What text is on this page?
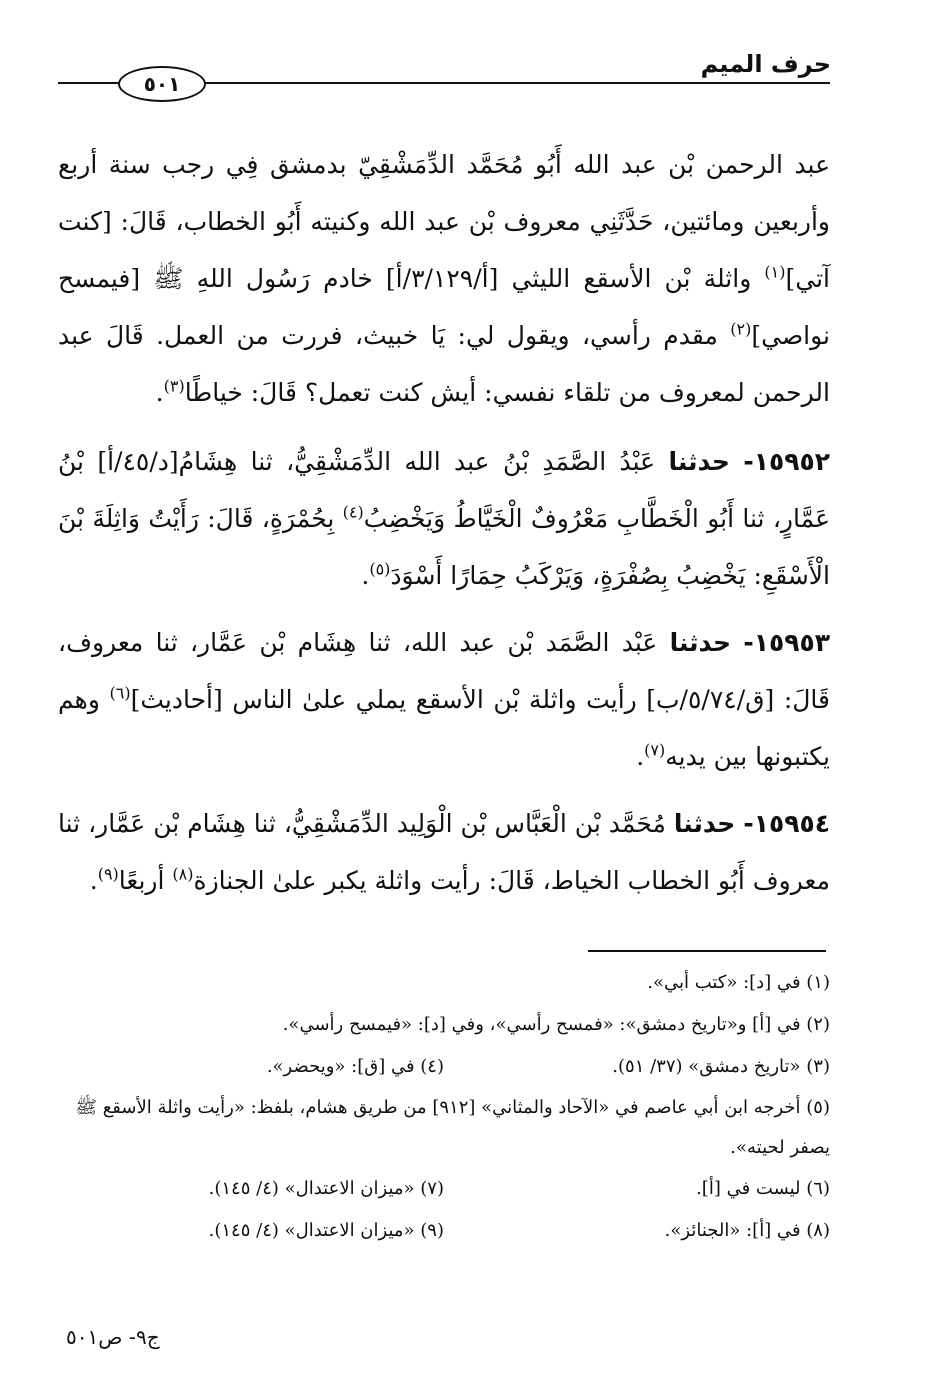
حرف الميم
٥٠١

عبد الرحمن بْن عبد الله أَبُو مُحَمَّد الدِّمَشْقِيّ بدمشق فِي رجب سنة أربع وأربعين ومائتين، حَدَّثَنِي معروف بْن عبد الله وكنيته أَبُو الخطاب، قَالَ: [كنت آتي]$^{(١)}$ واثلة بْن الأسقع الليثي [أ/٣/١٢٩/أ] خادم رَسُول اللهِ ﷺ [فيمسح نواصي]$^{(٢)}$ مقدم رأسي، ويقول لي: يَا خبيث، فررت من العمل. قَالَ عبد الرحمن لمعروف من تلقاء نفسي: أيش كنت تعمل؟ قَالَ: خياطًا$^{(٣)}$.

١٥٩٥٢- حدثنا عَبْدُ الصَّمَدِ بْنُ عبد الله الدِّمَشْقِيُّ، ثنا هِشَامُ[د/٤٥/أ] بْنُ عَمَّارٍ، ثنا أَبُو الْخَطَّابِ مَعْرُوفٌ الْخَيَّاطُ وَيَخْضِبُ$^{(٤)}$ بِحُمْرَةٍ، قَالَ: رَأَيْتُ وَاثِلَةَ بْنَ الْأَسْقَعِ: يَخْضِبُ بِصُفْرَةٍ، وَيَرْكَبُ حِمَارًا أَسْوَدَ$^{(٥)}$.

١٥٩٥٣- حدثنا عَبْد الصَّمَد بْن عبد الله، ثنا هِشَام بْن عَمَّار، ثنا معروف، قَالَ: [ق/٥/٧٤/ب] رأيت واثلة بْن الأسقع يملي علىٰ الناس [أحاديث]$^{(٦)}$ وهم يكتبونها بين يديه$^{(٧)}$.

١٥٩٥٤- حدثنا مُحَمَّد بْن الْعَبَّاس بْن الْوَلِيد الدِّمَشْقِيُّ، ثنا هِشَام بْن عَمَّار، ثنا معروف أَبُو الخطاب الخياط، قَالَ: رأيت واثلة يكبر علىٰ الجنازة$^{(٨)}$ أربعًا$^{(٩)}$.

(١) في [د]: «كتب أبي».
(٢) في [أ] و«تاريخ دمشق»: «فمسح رأسي»، وفي [د]: «فيمسح رأسي».
(٣) «تاريخ دمشق» (٣٧/ ٥١).
(٤) في [ق]: «ويحضر».
(٥) أخرجه ابن أبي عاصم في «الآحاد والمثاني» [٩١٢] من طريق هشام، بلفظ: «رأيت واثلة الأسقع ﷺ يصفر لحيته».
(٦) ليست في [أ].
(٧) «ميزان الاعتدال» (٤/ ١٤٥).
(٨) في [أ]: «الجنائز».
(٩) «ميزان الاعتدال» (٤/ ١٤٥).
ج٩- ص٥٠١
